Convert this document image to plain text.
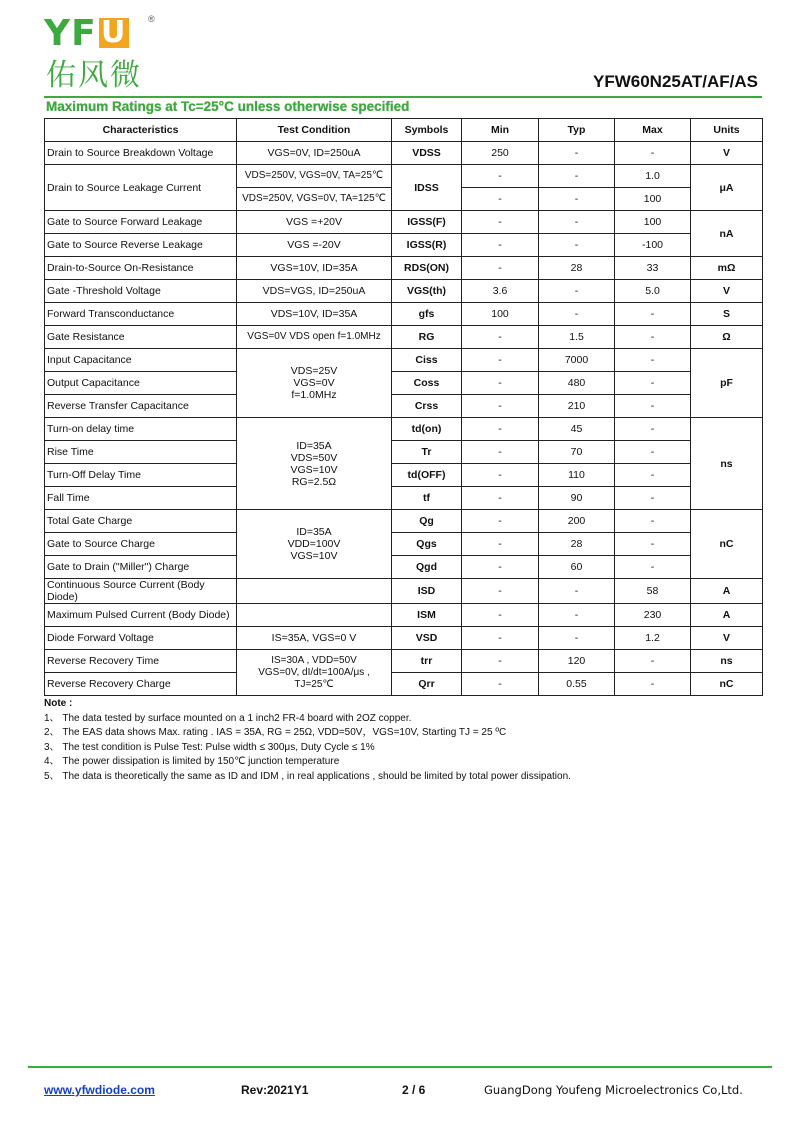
YF U ®
佑风微	YFW60N25AT/AF/AS
Maximum Ratings at Tc=25°C unless otherwise specified
Characteristics	Test Condition	Symbols	Min	Typ	Max	Units
Drain to Source Breakdown Voltage	VGS=0V, ID=250uA	VDSS	250	-	-	V
Drain to Source Leakage Current	VDS=250V, VGS=0V, TA=25℃	IDSS	-	-	1.0	μA
	VDS=250V, VGS=0V, TA=125℃		-	-	100	
Gate to Source Forward Leakage	VGS =+20V	IGSS(F)	-	-	100	nA
Gate to Source Reverse Leakage	VGS =-20V	IGSS(R)	-	-	-100	
Drain-to-Source On-Resistance	VGS=10V, ID=35A	RDS(ON)	-	28	33	mΩ
Gate -Threshold Voltage	VDS=VGS, ID=250uA	VGS(th)	3.6	-	5.0	V
Forward Transconductance	VDS=10V, ID=35A	gfs	100	-	-	S
Gate Resistance	VGS=0V VDS open f=1.0MHz	RG	-	1.5	-	Ω
Input Capacitance	VDS=25V
VGS=0V
f=1.0MHz	Ciss	-	7000	-	pF
Output Capacitance		Coss	-	480	-	
Reverse Transfer Capacitance		Crss	-	210	-	
Turn-on delay time	ID=35A
VDS=50V
VGS=10V
RG=2.5Ω	td(on)	-	45	-	ns
Rise Time		Tr	-	70	-	
Turn-Off Delay Time		td(OFF)	-	110	-	
Fall Time		tf	-	90	-	
Total Gate Charge	ID=35A
VDD=100V
VGS=10V	Qg	-	200	-	nC
Gate to Source Charge		Qgs	-	28	-	
Gate to Drain ("Miller") Charge		Qgd	-	60	-	
Continuous Source Current (Body Diode)		ISD	-	-	58	A
Maximum Pulsed Current (Body Diode)		ISM	-	-	230	A
Diode Forward Voltage	IS=35A, VGS=0 V	VSD	-	-	1.2	V
Reverse Recovery Time	IS=30A , VDD=50V
VGS=0V, dI/dt=100A/μs ,
TJ=25℃	trr	-	120	-	ns
Reverse Recovery Charge		Qrr	-	0.55	-	nC
Note :
1、 The data tested by surface mounted on a 1 inch2 FR-4 board with 2OZ copper.
2、 The EAS data shows Max. rating . IAS = 35A, RG = 25Ω, VDD=50V，VGS=10V, Starting TJ = 25 ºC
3、 The test condition is Pulse Test: Pulse width ≤ 300μs, Duty Cycle ≤ 1%
4、 The power dissipation is limited by 150℃ junction temperature
5、 The data is theoretically the same as ID and IDM , in real applications , should be limited by total power dissipation.
www.yfwdiode.com	Rev:2021Y1	2 / 6	GuangDong Youfeng Microelectronics Co,Ltd.
